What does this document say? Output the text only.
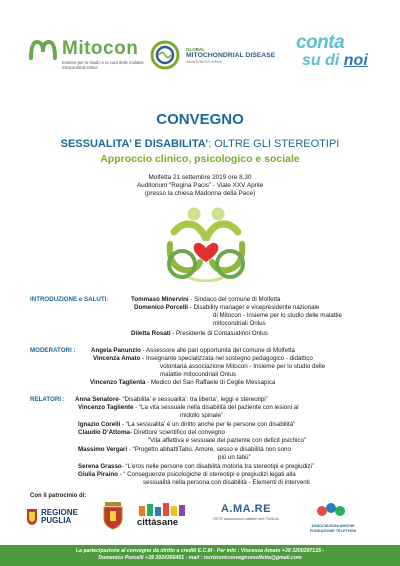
Mitocon
Insieme per lo studio e la cura delle malattie mitocondriali Onlus
GLOBAL
MITOCHONDRIAL DISEASE
AWARENESS WEEK
conta
su di noi
CONVEGNO
SESSUALITA’ E DISABILITA’: OLTRE GLI STEREOTIPI
Approccio clinico, psicologico e sociale
Molfetta 21 settembre 2019 ore 8.30
Auditorium “Regina Pacis” - Viale XXV Aprile
(presso la chiesa Madonna della Pace)
INTRODUZIONE e SALUTI:	Tommaso Minervini - Sindaco del comune di Molfetta
Domenico Porcelli - Disability manager e vicepresidente nazionale
di Mitocon - Insieme per lo studio delle malattie
mitocondriali Onlus
Diletta Rosati - Presidente di Contasudinoi Onlus
MODERATORI :	Angela Panunzio - Assessore alle pari opportunità del comune di Molfetta
Vincenza Amato - Insegnante specializzata nel sostegno pedagogico - didattico
volontaria associazione Mitocon - Insieme per lo studio delle
malattie mitocondriali Onlus
Vincenzo Taglienta - Medico del San Raffaele di Ceglie Messapica
RELATORI : Anna Senatore- “Disabilita’ e sessualita’: tra liberta’, leggi e stereotipi”
Vincenzo Tagliente - “La vita sessuale nella disabilità del paziente con lesioni al
midollo spinale”
Ignazio Corelli - “La sessualita’ è un diritto anche per le persone con disabilità”
Claudio D’Attoma- Direttore scientifico del convegno
“Vita affettiva e sessuale del paziente con deficit psichico”
Massimo Vergari - “Progetto abbattiTabù. Amore, sesso e disabilità non sono
più un tabù”
Serena Grasso- “L’eros nelle persone con disabilità motoria tra stereotipi e pregiudizi”
Giulia Piraino - “ Conseguenze psicologiche di stereotipi e pregiudizi legati alla
sessualità nella persona con disabilità - Elementi di interventi
Con il patrocinio di:
REGIONE
PUGLIA	cittàsane
A.MA.RE
RETE associazioni malattie rare PUGLIA
ASSOCIAZIONI AMICHE
FONDAZIONE TELETHON
La partecipazione al convegno dà diritto a crediti E.C.M - Per info : Vincenza Amato +39 3200297135 -
Domenico Porcelli +39 3924366451 - mail : iscrizioniconvegnomolfetta@gmail.com
